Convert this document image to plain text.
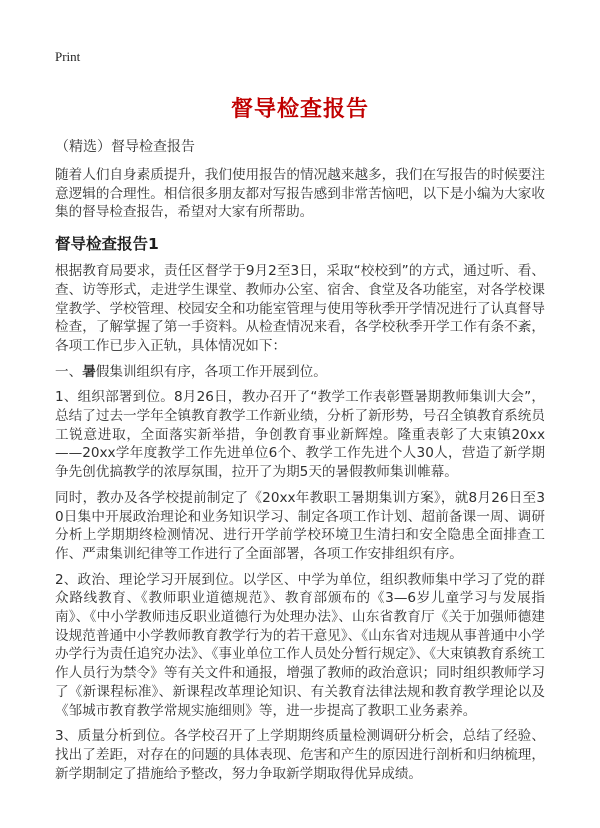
Print
督导检查报告
（精选）督导检查报告

随着人们自身素质提升，我们使用报告的情况越来越多，我们在写报告的时候要注意逻辑的合理性。相信很多朋友都对写报告感到非常苦恼吧，以下是小编为大家收集的督导检查报告，希望对大家有所帮助。

督导检查报告1

根据教育局要求，责任区督学于9月2至3日，采取“校校到”的方式，通过听、看、查、访等形式，走进学生课堂、教师办公室、宿舍、食堂及各功能室，对各学校课堂教学、学校管理、校园安全和功能室管理与使用等秋季开学情况进行了认真督导检查，了解掌握了第一手资料。从检查情况来看，各学校秋季开学工作有条不紊，各项工作已步入正轨，具体情况如下：

一、暑假集训组织有序，各项工作开展到位。

1、组织部署到位。8月26日，教办召开了“教学工作表彰暨暑期教师集训大会”，总结了过去一学年全镇教育教学工作新业绩，分析了新形势，号召全镇教育系统员工锐意进取，全面落实新举措，争创教育事业新辉煌。隆重表彰了大束镇20xx——20xx学年度教学工作先进单位6个、教学工作先进个人30人，营造了新学期争先创优搞教学的浓厚氛围，拉开了为期5天的暑假教师集训帷幕。

同时，教办及各学校提前制定了《20xx年教职工暑期集训方案》，就8月26日至30日集中开展政治理论和业务知识学习、制定各项工作计划、超前备课一周、调研分析上学期期终检测情况、进行开学前学校环境卫生清扫和安全隐患全面排查工作、严肃集训纪律等工作进行了全面部署，各项工作安排组织有序。

2、政治、理论学习开展到位。以学区、中学为单位，组织教师集中学习了党的群众路线教育、《教师职业道德规范》、教育部颁布的《3—6岁儿童学习与发展指南》、《中小学教师违反职业道德行为处理办法》、山东省教育厅《关于加强师德建设规范普通中小学教师教育教学行为的若干意见》、《山东省对违规从事普通中小学办学行为责任追究办法》、《事业单位工作人员处分暂行规定》、《大束镇教育系统工作人员行为禁令》等有关文件和通报，增强了教师的政治意识；同时组织教师学习了《新课程标准》、新课程改革理论知识、有关教育法律法规和教育教学理论以及《邹城市教育教学常规实施细则》等，进一步提高了教职工业务素养。

3、质量分析到位。各学校召开了上学期期终质量检测调研分析会，总结了经验、找出了差距，对存在的问题的具体表现、危害和产生的原因进行剖析和归纳梳理，新学期制定了措施给予整改，努力争取新学期取得优异成绩。
